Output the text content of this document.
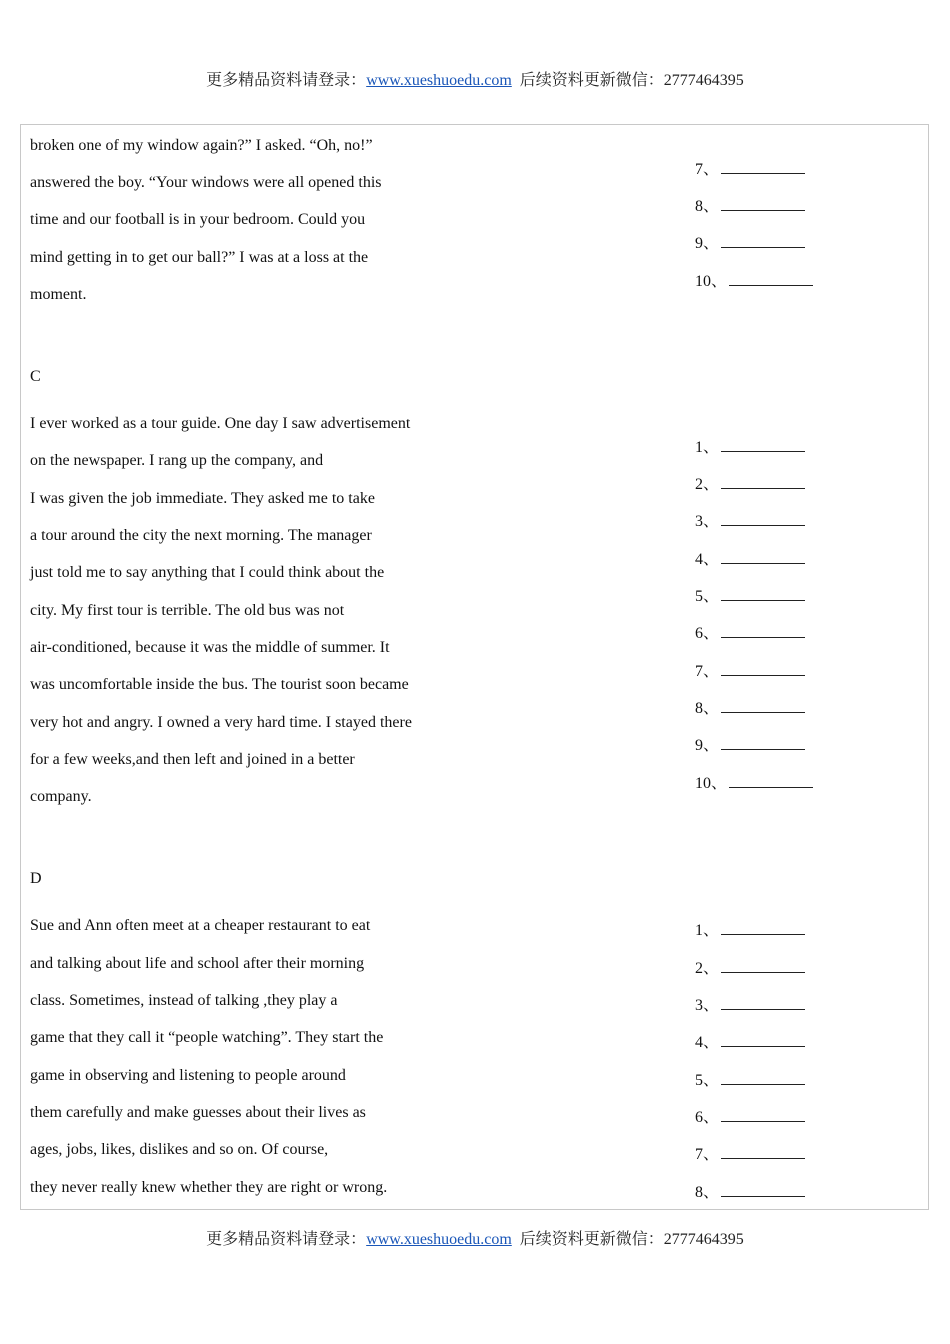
更多精品资料请登录：www.xueshuoedu.com  后续资料更新微信：2777464395
broken one of my window again?” I asked. “Oh, no!”
answered the boy. “Your windows were all opened this
time and our football is in your bedroom. Could you
mind getting in to get our ball?” I was at a loss at the
moment.
7、
8、
9、
10、
C
I ever worked as a tour guide. One day I saw advertisement
on the newspaper. I rang up the company, and
I was given the job immediate. They asked me to take
a tour around the city the next morning. The manager
just told me to say anything that I could think about the
city. My first tour is terrible. The old bus was not
air-conditioned, because it was the middle of summer. It
was uncomfortable inside the bus. The tourist soon became
very hot and angry. I owned a very hard time. I stayed there
for a few weeks,and then left and joined in a better
company.
1、
2、
3、
4、
5、
6、
7、
8、
9、
10、
D
Sue and Ann often meet at a cheaper restaurant to eat
and talking about life and school after their morning
class. Sometimes, instead of talking ,they play a
game that they call it “people watching”. They start the
game in observing and listening to people around
them carefully and make guesses about their lives as
ages, jobs, likes, dislikes and so on. Of course,
they never really knew whether they are right or wrong.
1、
2、
3、
4、
5、
6、
7、
8、
更多精品资料请登录：www.xueshuoedu.com  后续资料更新微信：2777464395
